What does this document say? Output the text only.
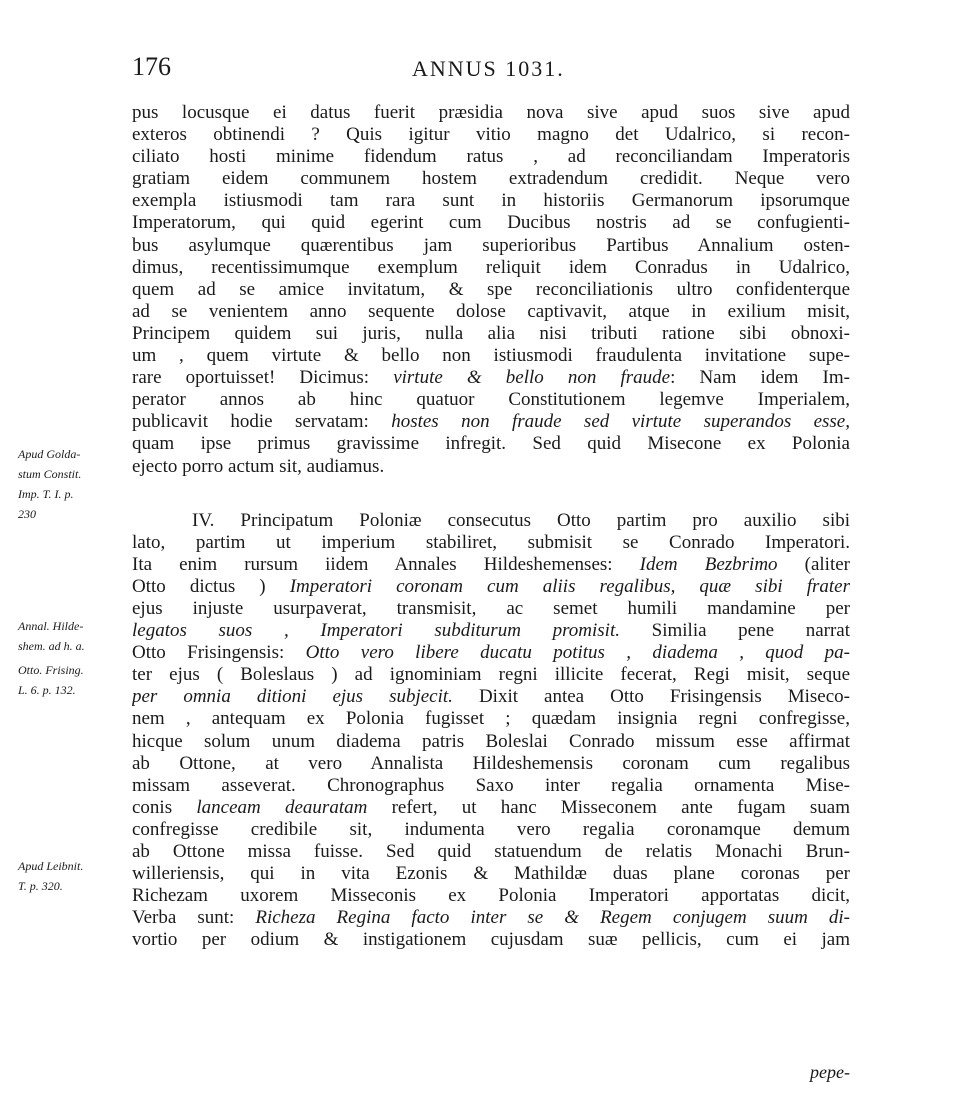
176	ANNUS 1031.
Apud Golda-
stum Constit.
Imp. T. I. p.
230
Annal. Hilde-
shem. ad h. a.
Otto. Frising.
L. 6. p. 132.
Apud Leibnit.
T. p. 320.
pus locusque ei datus fuerit præsidia nova sive apud suos sive apud
exteros obtinendi ? Quis igitur vitio magno det Udalrico, si recon-
ciliato hosti minime fidendum ratus , ad reconciliandam Imperatoris
gratiam eidem communem hostem extradendum credidit. Neque vero
exempla istiusmodi tam rara sunt in historiis Germanorum ipsorumque
Imperatorum, qui quid egerint cum Ducibus nostris ad se confugienti-
bus asylumque quærentibus jam superioribus Partibus Annalium osten-
dimus, recentissimumque exemplum reliquit idem Conradus in Udalrico,
quem ad se amice invitatum, & spe reconciliationis ultro confidenterque
ad se venientem anno sequente dolose captivavit, atque in exilium misit,
Principem quidem sui juris, nulla alia nisi tributi ratione sibi obnoxi-
um , quem virtute & bello non istiusmodi fraudulenta invitatione supe-
rare oportuisset! Dicimus: virtute & bello non fraude: Nam idem Im-
perator annos ab hinc quatuor Constitutionem legemve Imperialem,
publicavit hodie servatam: hostes non fraude sed virtute superandos esse,
quam ipse primus gravissime infregit. Sed quid Misecone ex Polonia
ejecto porro actum sit, audiamus.
IV. Principatum Poloniæ consecutus Otto partim pro auxilio sibi
lato, partim ut imperium stabiliret, submisit se Conrado Imperatori.
Ita enim rursum iidem Annales Hildeshemenses: Idem Bezbrimo (aliter
Otto dictus ) Imperatori coronam cum aliis regalibus, quæ sibi frater
ejus injuste usurpaverat, transmisit, ac semet humili mandamine per
legatos suos , Imperatori subditurum promisit. Similia pene narrat
Otto Frisingensis: Otto vero libere ducatu potitus , diadema , quod pa-
ter ejus ( Boleslaus ) ad ignominiam regni illicite fecerat, Regi misit, seque
per omnia ditioni ejus subjecit. Dixit antea Otto Frisingensis Miseco-
nem , antequam ex Polonia fugisset ; quædam insignia regni confregisse,
hicque solum unum diadema patris Boleslai Conrado missum esse affirmat
ab Ottone, at vero Annalista Hildeshemensis coronam cum regalibus
missam asseverat. Chronographus Saxo inter regalia ornamenta Mise-
conis lanceam deauratam refert, ut hanc Misseconem ante fugam suam
confregisse credibile sit, indumenta vero regalia coronamque demum
ab Ottone missa fuisse. Sed quid statuendum de relatis Monachi Brun-
willeriensis, qui in vita Ezonis & Mathildæ duas plane coronas per
Richezam uxorem Misseconis ex Polonia Imperatori apportatas dicit,
Verba sunt: Richeza Regina facto inter se & Regem conjugem suum di-
vortio per odium & instigationem cujusdam suæ pellicis, cum ei jam
pepe-
